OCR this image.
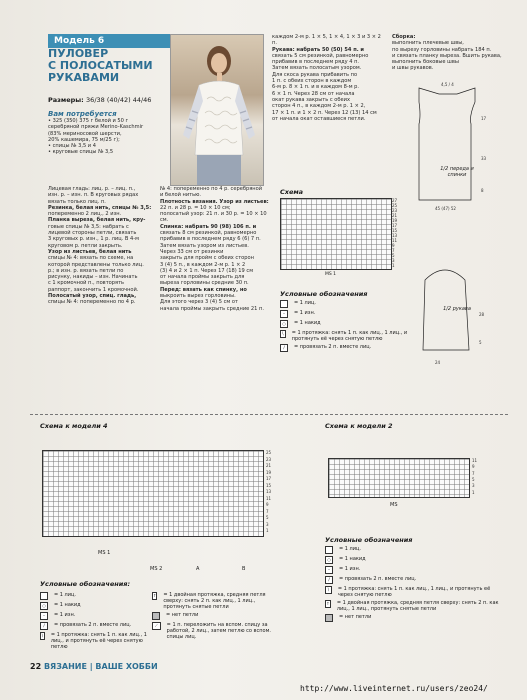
Модель 6
ПУЛОВЕР
С ПОЛОСАТЫМИ
РУКАВАМИ
Размеры: 36/38 (40/42) 44/46
Вам потребуется
• 325 (350) 375 г белой и 50 г
серебряной пряжи Merino-Kaschmir
(83% мериносовой шерсти,
20% кашемира, 75 м/25 г);
• спицы № 3,5 и 4
• круговые спицы № 3,5
Лицевая гладь: лиц. р. – лиц. п.,
изн. р. – изн. п. В круговых рядах
вязать только лиц. п.
Резинка, белая нить, спицы № 3,5:
попеременно 2 лиц., 2 изн.
Планка выреза, белая нить, кру-
говые спицы № 3,5: набрать с
лицевой стороны петли, связать
3 круговых р. изн., 1 р. лиц. В 4-м
круговом р. петли закрыть.
Узор из листьев, белая нить
спицы № 4: вязать по схеме, на
которой представлены только лиц.
р.; в изн. р. вязать петли по
рисунку, накиды – изн. Начинать
с 1 кромочной п., повторять
раппорт, закончить 1 кромочной.
Полосатый узор, спиц. гладь,
спицы № 4: попеременно по 4 р.
№ 4: попеременно по 4 р. серебряной
и белой нитью.
Плотность вязания. Узор из листьев:
22 п. и 28 р. = 10 × 10 см;
полосатый узор: 21 п. и 30 р. = 10 × 10 см.
Спинка: набрать 90 (98) 106 п. и
связать 8 см резинкой, равномерно
прибавив в последнем ряду 6 (6) 7 п.
Затем вязать узором из листьев.
Через 33 см от резинки
закрыть для пройм с обеих сторон
3 (4) 5 п., в каждом 2-м р. 1 × 2
(3) 4 и 2 × 1 п. Через 17 (18) 19 см
от начала проймы закрыть для
выреза горловины средние 30 п.
Перед: вязать как спинку, но
выкроить вырез горловины.
Для этого через 3 (4) 5 см от
начала проймы закрыть средние 21 п.
каждом 2-м р. 1 × 5, 1 × 4, 1 × 3 и 3 × 2 п.
Рукава: набрать 50 (50) 54 п. и
связать 5 см резинкой, равномерно
прибавив в последнем ряду 4 п.
Затем вязать полосатым узором.
Для скоса рукава прибавить по
1 п. с обеих сторон в каждом
6-м р. 8 × 1 п. и в каждом 8-м р.
6 × 1 п. Через 28 см от начала
окат рукава закрыть с обеих
сторон 4 п., в каждом 2-м р. 1 × 2,
17 × 1 п. и 1 × 2 п. Через 12 (13) 14 см
от начала окат оставшиеся петли.
Сборка:
выполнить плечевые швы,
по вырезу горловины набрать 184 п.
и связать планку выреза. Вшить рукава,
выполнить боковые швы
и швы рукавов.
4,5 / 4
17
33
8
45 (47) 52
28
5
24
1/2 переда и спинки
1/2 рукава
Схема
27
25
23
21
19
17
15
13
11
9
7
5
3
1
MS 1
Условные обозначения
= 1 лиц.
–	= 1 изн.
○	= 1 накид
\	= 1 протяжка: снять 1 п. как лиц., 1 лиц., и протянуть её через снятую петлю
/	= провязать 2 п. вместе лиц.
Схема к модели 4
25
23
21
19
17
15
13
11
9
7
5
3
1
MS 1
MS 2	A	B
Условные обозначения:
= 1 лиц.
○	= 1 накид
–	= 1 изн.
/	= провязать 2 п. вместе лиц.
\	= 1 протяжка: снять 1 п. как лиц., 1 лиц., и протянуть её через снятую петлю
↑ = 1 двойная протяжка, средняя петля сверху: снять 2 п. как лиц., 1 лиц., протянуть снятые петли
= нет петли
⟋	= 1 п. переложить на вспом. спицу за работой, 2 лиц., затем петлю со вспом. спицы лиц.
Схема к модели 2
11
9
7
5
3
1
MS
Условные обозначения
= 1 лиц.
○	= 1 накид
–	= 1 изн.
/	= провязать 2 п. вместе лиц.
\	= 1 протяжка: снять 1 п. как лиц., 1 лиц., и протянуть её через снятую петлю
↑ = 1 двойная протяжка, средняя петля сверху: снять 2 п. как лиц., 1 лиц., протянуть снятые петли
= нет петли
22 ВЯЗАНИЕ | ВАШЕ ХОББИ
http://www.liveinternet.ru/users/zeo24/
